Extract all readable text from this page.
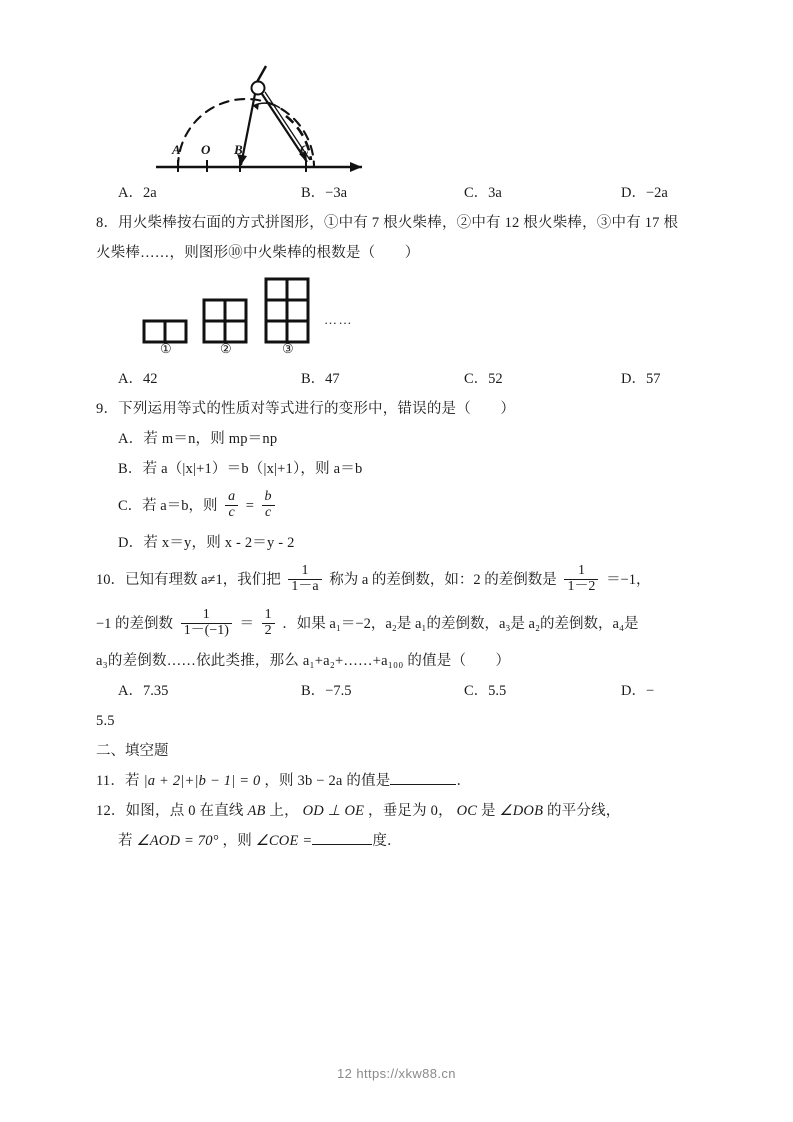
A O B	C
A．2a	B．−3a	C．3a	D．−2a
8．用火柴棒按右面的方式拼图形，①中有 7 根火柴棒，②中有 12 根火柴棒，③中有 17 根
火柴棒……，则图形⑩中火柴棒的根数是（　　）
①	②	③
……
A．42	B．47	C．52	D．57
9．下列运用等式的性质对等式进行的变形中，错误的是（　　）
A．若 m＝n，则 mp＝np
B．若 a（|x|+1）＝b（|x|+1），则 a＝b
C．若 a＝b，则 $\frac{a}{c} = \frac{b}{c}$
D．若 x＝y，则 x - 2＝y - 2
10．已知有理数 a≠1，我们把 $\frac{1}{1-a}$ 称为 a 的差倒数，如：2 的差倒数是 $\frac{1}{1-2} =-1$，
−1 的差倒数 $\frac{1}{1-(-1)} = \frac{1}{2}$ ．如果 a₁＝−2，a₂是 a₁的差倒数，a₃是 a₂的差倒数，a₄是
a₃的差倒数……依此类推，那么 a₁+a₂+……+a₁₀₀ 的值是（　　）
A．7.35	B．−7.5	C．5.5	D．−
5.5
二、填空题
11．若 |a + 2|+|b − 1| = 0 ，则 3b − 2a 的值是	．
12．如图，点 0 在直线 AB 上， OD ⊥ OE ，垂足为 0， OC 是 ∠DOB 的平分线，
若 ∠AOD = 70° ，则 ∠COE =	度．
12 https://xkw88.cn
